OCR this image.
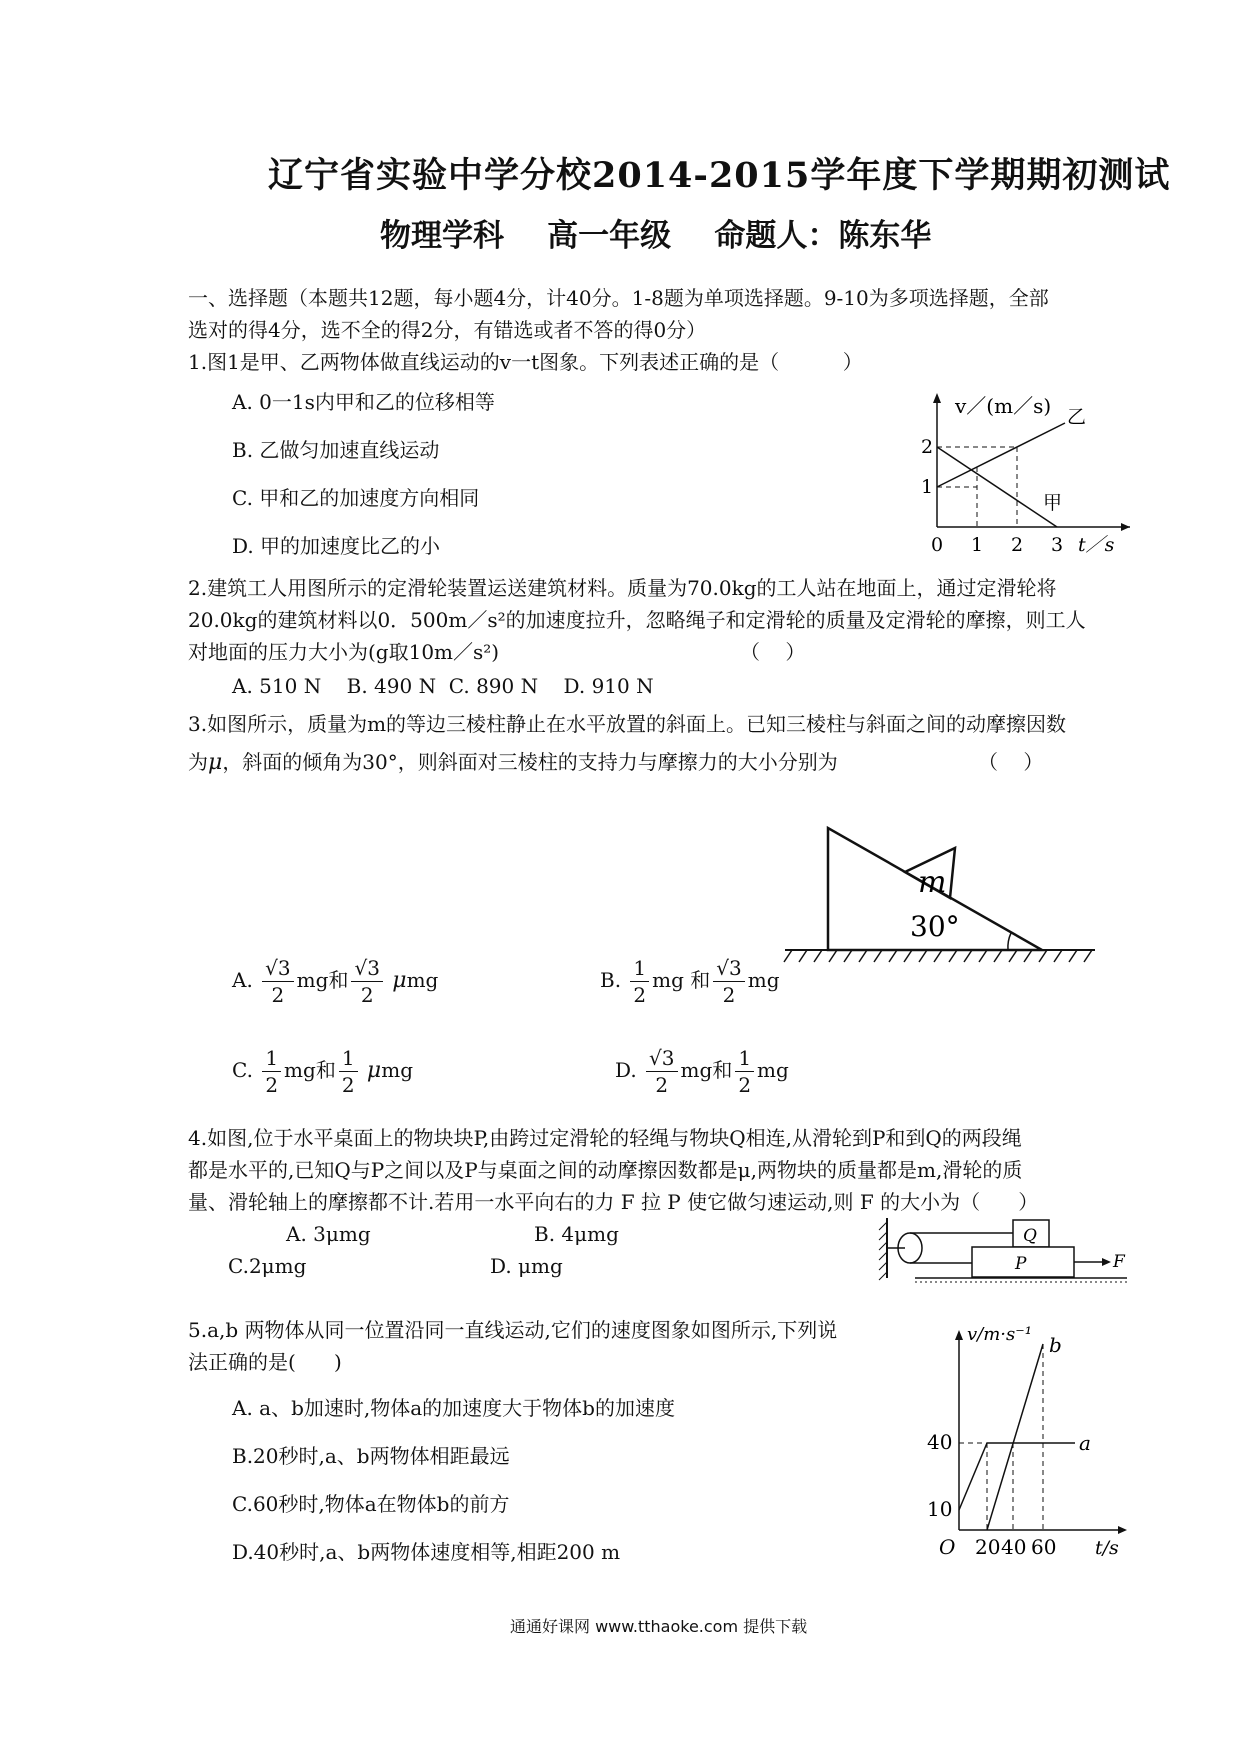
辽宁省实验中学分校2014-2015学年度下学期期初测试
物理学科    高一年级    命题人：陈东华
一、选择题（本题共12题，每小题4分，计40分。1-8题为单项选择题。9-10为多项选择题，全部
选对的得4分，选不全的得2分，有错选或者不答的得0分）
1.图1是甲、乙两物体做直线运动的v一t图象。下列表述正确的是（          ）
A. 0一1s内甲和乙的位移相等
B. 乙做匀加速直线运动
C. 甲和乙的加速度方向相同
D. 甲的加速度比乙的小
v／(m／s)
2
1
乙
甲
0 1 2 3 t／s
2.建筑工人用图所示的定滑轮装置运送建筑材料。质量为70.0kg的工人站在地面上，通过定滑轮将
20.0kg的建筑材料以0．500m／s²的加速度拉升，忽略绳子和定滑轮的质量及定滑轮的摩擦，则工人
对地面的压力大小为(g取10m／s²)	（    ）
A. 510 N    B. 490 N  C. 890 N    D. 910 N
3.如图所示，质量为m的等边三棱柱静止在水平放置的斜面上。已知三棱柱与斜面之间的动摩擦因数
为μ，斜面的倾角为30°，则斜面对三棱柱的支持力与摩擦力的大小分别为	（    ）
m
30°
A. $\frac{√3}{2}$ mg和 $\frac{√3}{2}$ μmg	B. $\frac{1}{2}$ mg 和 $\frac{√3}{2}$ mg
C. $\frac{1}{2}$ mg和 $\frac{1}{2}$ μmg	D. $\frac{√3}{2}$ mg和 $\frac{1}{2}$ mg
4.如图,位于水平桌面上的物块块P,由跨过定滑轮的轻绳与物块Q相连,从滑轮到P和到Q的两段绳
都是水平的,已知Q与P之间以及P与桌面之间的动摩擦因数都是μ,两物块的质量都是m,滑轮的质
量、滑轮轴上的摩擦都不计.若用一水平向右的力 F 拉 P 使它做匀速运动,则 F 的大小为（      ）
A. 3μmg	B. 4μmg
C.2μmg	D. μmg
Q
P	F
5.a,b 两物体从同一位置沿同一直线运动,它们的速度图象如图所示,下列说
法正确的是(      )
A. a、b加速时,物体a的加速度大于物体b的加速度
B.20秒时,a、b两物体相距最远
C.60秒时,物体a在物体b的前方
D.40秒时,a、b两物体速度相等,相距200 m
v/m·s⁻¹
40
10
a
b
O 20 40 60 t/s
通通好课网 www.tthaoke.com 提供下载
